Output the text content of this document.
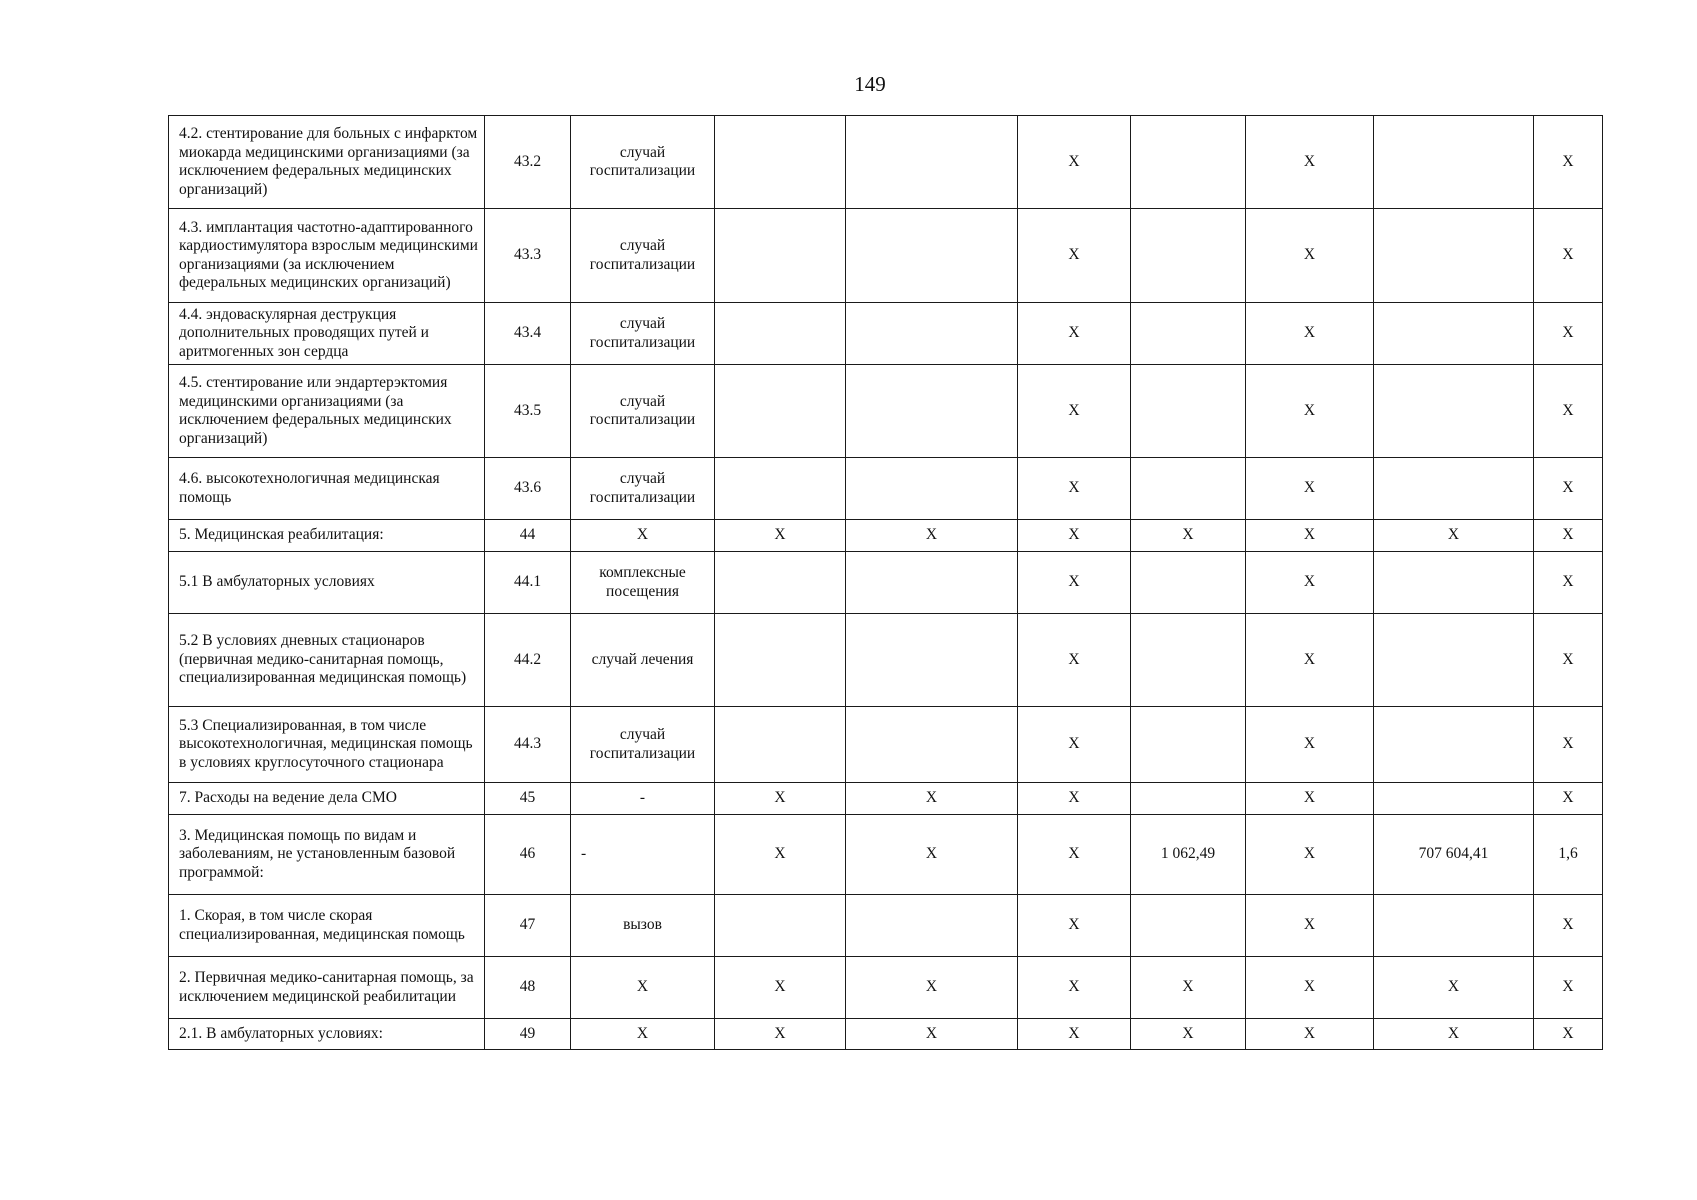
149
4.2. стентирование для больных с инфарктом миокарда медицинскими организациями (за исключением федеральных медицинских организаций)	43.2	случай госпитализации			X		X		X
4.3. имплантация частотно-адаптированного кардиостимулятора взрослым медицинскими организациями (за исключением федеральных медицинских организаций)	43.3	случай госпитализации			X		X		X
4.4. эндоваскулярная деструкция дополнительных проводящих путей и аритмогенных зон сердца	43.4	случай госпитализации			X		X		X
4.5. стентирование или эндартерэктомия медицинскими организациями (за исключением федеральных медицинских организаций)	43.5	случай госпитализации			X		X		X
4.6. высокотехнологичная медицинская помощь	43.6	случай госпитализации			X		X		X
5. Медицинская реабилитация:	44	X	X	X	X	X	X	X	X
5.1 В амбулаторных условиях	44.1	комплексные посещения			X		X		X
5.2 В условиях дневных стационаров (первичная медико-санитарная помощь, специализированная медицинская помощь)	44.2	случай лечения			X		X		X
5.3 Специализированная, в том числе высокотехнологичная, медицинская помощь в условиях круглосуточного стационара	44.3	случай госпитализации			X		X		X
7. Расходы на ведение дела СМО	45	-	X	X	X		X		X
3. Медицинская помощь по видам и заболеваниям, не установленным базовой программой:	46	-	X	X	X	1 062,49	X	707 604,41	1,6
1. Скорая, в том числе скорая специализированная, медицинская помощь	47	вызов			X		X		X
2. Первичная медико-санитарная помощь, за исключением медицинской реабилитации	48	X	X	X	X	X	X	X	X
2.1. В амбулаторных условиях:	49	X	X	X	X	X	X	X	X
